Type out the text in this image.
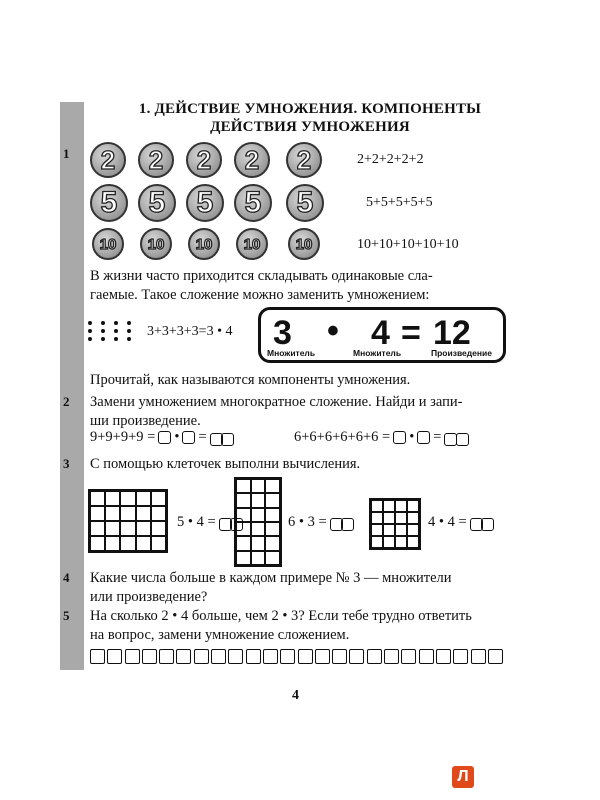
1. ДЕЙСТВИЕ УМНОЖЕНИЯ. КОМПОНЕНТЫ
ДЕЙСТВИЯ УМНОЖЕНИЯ
1 2 2 2 2 2
5 5 5 5 5
10 10 10 10 10
2+2+2+2+2
5+5+5+5+5
10+10+10+10+10
В жизни часто приходится складывать одинаковые сла-
гаемые. Такое сложение можно заменить умножением:
3+3+3+3=3 • 4 3 • 4 = 12
Множитель	Множитель	Произведение
Прочитай, как называются компоненты умножения.
2 Замени умножением многократное сложение. Найди и запи-
ши произведение.
9+9+9+9 = • =	6+6+6+6+6+6 = • =
3 С помощью клеточек выполни вычисления.
5 • 4 =	6 • 3 =	4 • 4 =
4 Какие числа больше в каждом примере № 3 — множители
или произведение?
5 На сколько 2 • 4 больше, чем 2 • 3? Если тебе трудно ответить
на вопрос, замени умножение сложением.
4
Л
